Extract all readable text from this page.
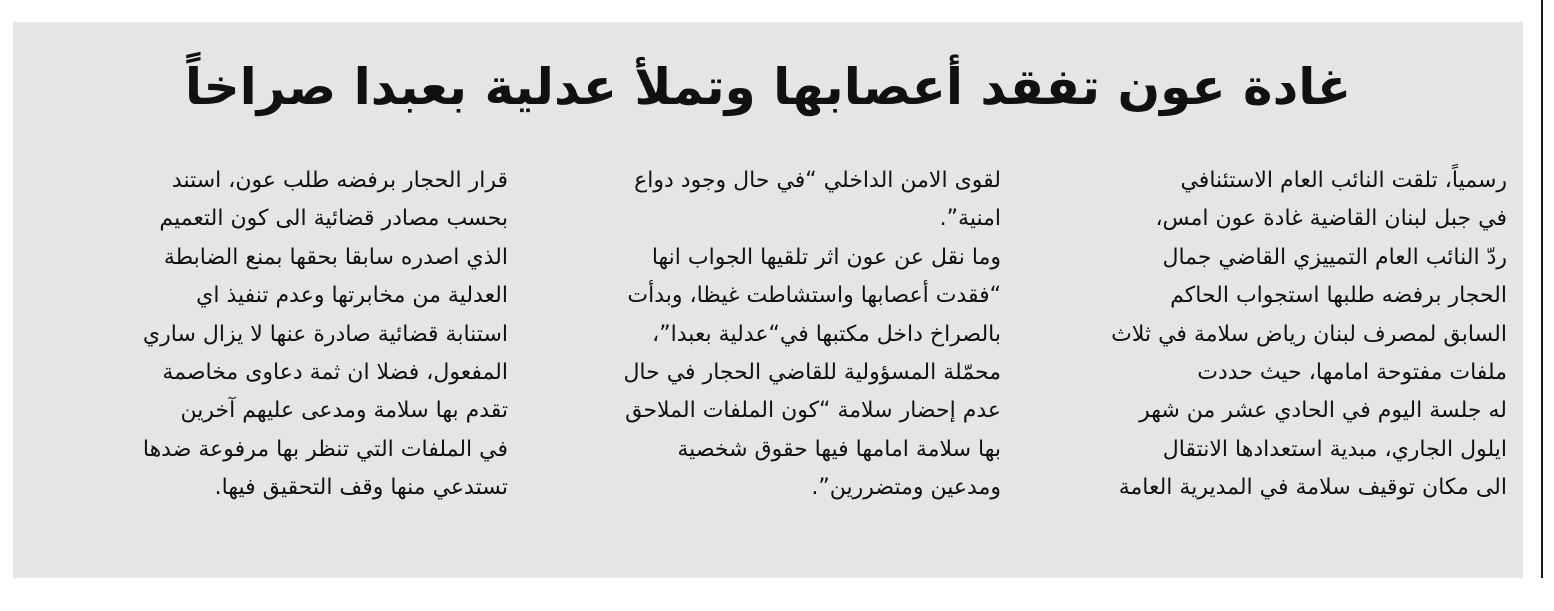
غادة عون تفقد أعصابها وتملأ عدلية بعبدا صراخاً
رسمياً، تلقت النائب العام الاستئنافي
في جبل لبنان القاضية غادة عون امس،
ردّ النائب العام التمييزي القاضي جمال
الحجار برفضه طلبها استجواب الحاكم
السابق لمصرف لبنان رياض سلامة في ثلاث
ملفات مفتوحة امامها، حيث حددت
له جلسة اليوم في الحادي عشر من شهر
ايلول الجاري، مبدية استعدادها الانتقال
الى مكان توقيف سلامة في المديرية العامة
لقوى الامن الداخلي “في حال وجود دواع
امنية”.
وما نقل عن عون اثر تلقيها الجواب انها
“فقدت أعصابها واستشاطت غيظا، وبدأت
بالصراخ داخل مكتبها في“عدلية بعبدا”،
محمّلة المسؤولية للقاضي الحجار في حال
عدم إحضار سلامة “كون الملفات الملاحق
بها سلامة امامها فيها حقوق شخصية
ومدعين ومتضررين”.
قرار الحجار برفضه طلب عون، استند
بحسب مصادر قضائية الى كون التعميم
الذي اصدره سابقا بحقها بمنع الضابطة
العدلية من مخابرتها وعدم تنفيذ اي
استنابة قضائية صادرة عنها لا يزال ساري
المفعول، فضلا ان ثمة دعاوى مخاصمة
تقدم بها سلامة ومدعى عليهم آخرين
في الملفات التي تنظر بها مرفوعة ضدها
تستدعي منها وقف التحقيق فيها.
